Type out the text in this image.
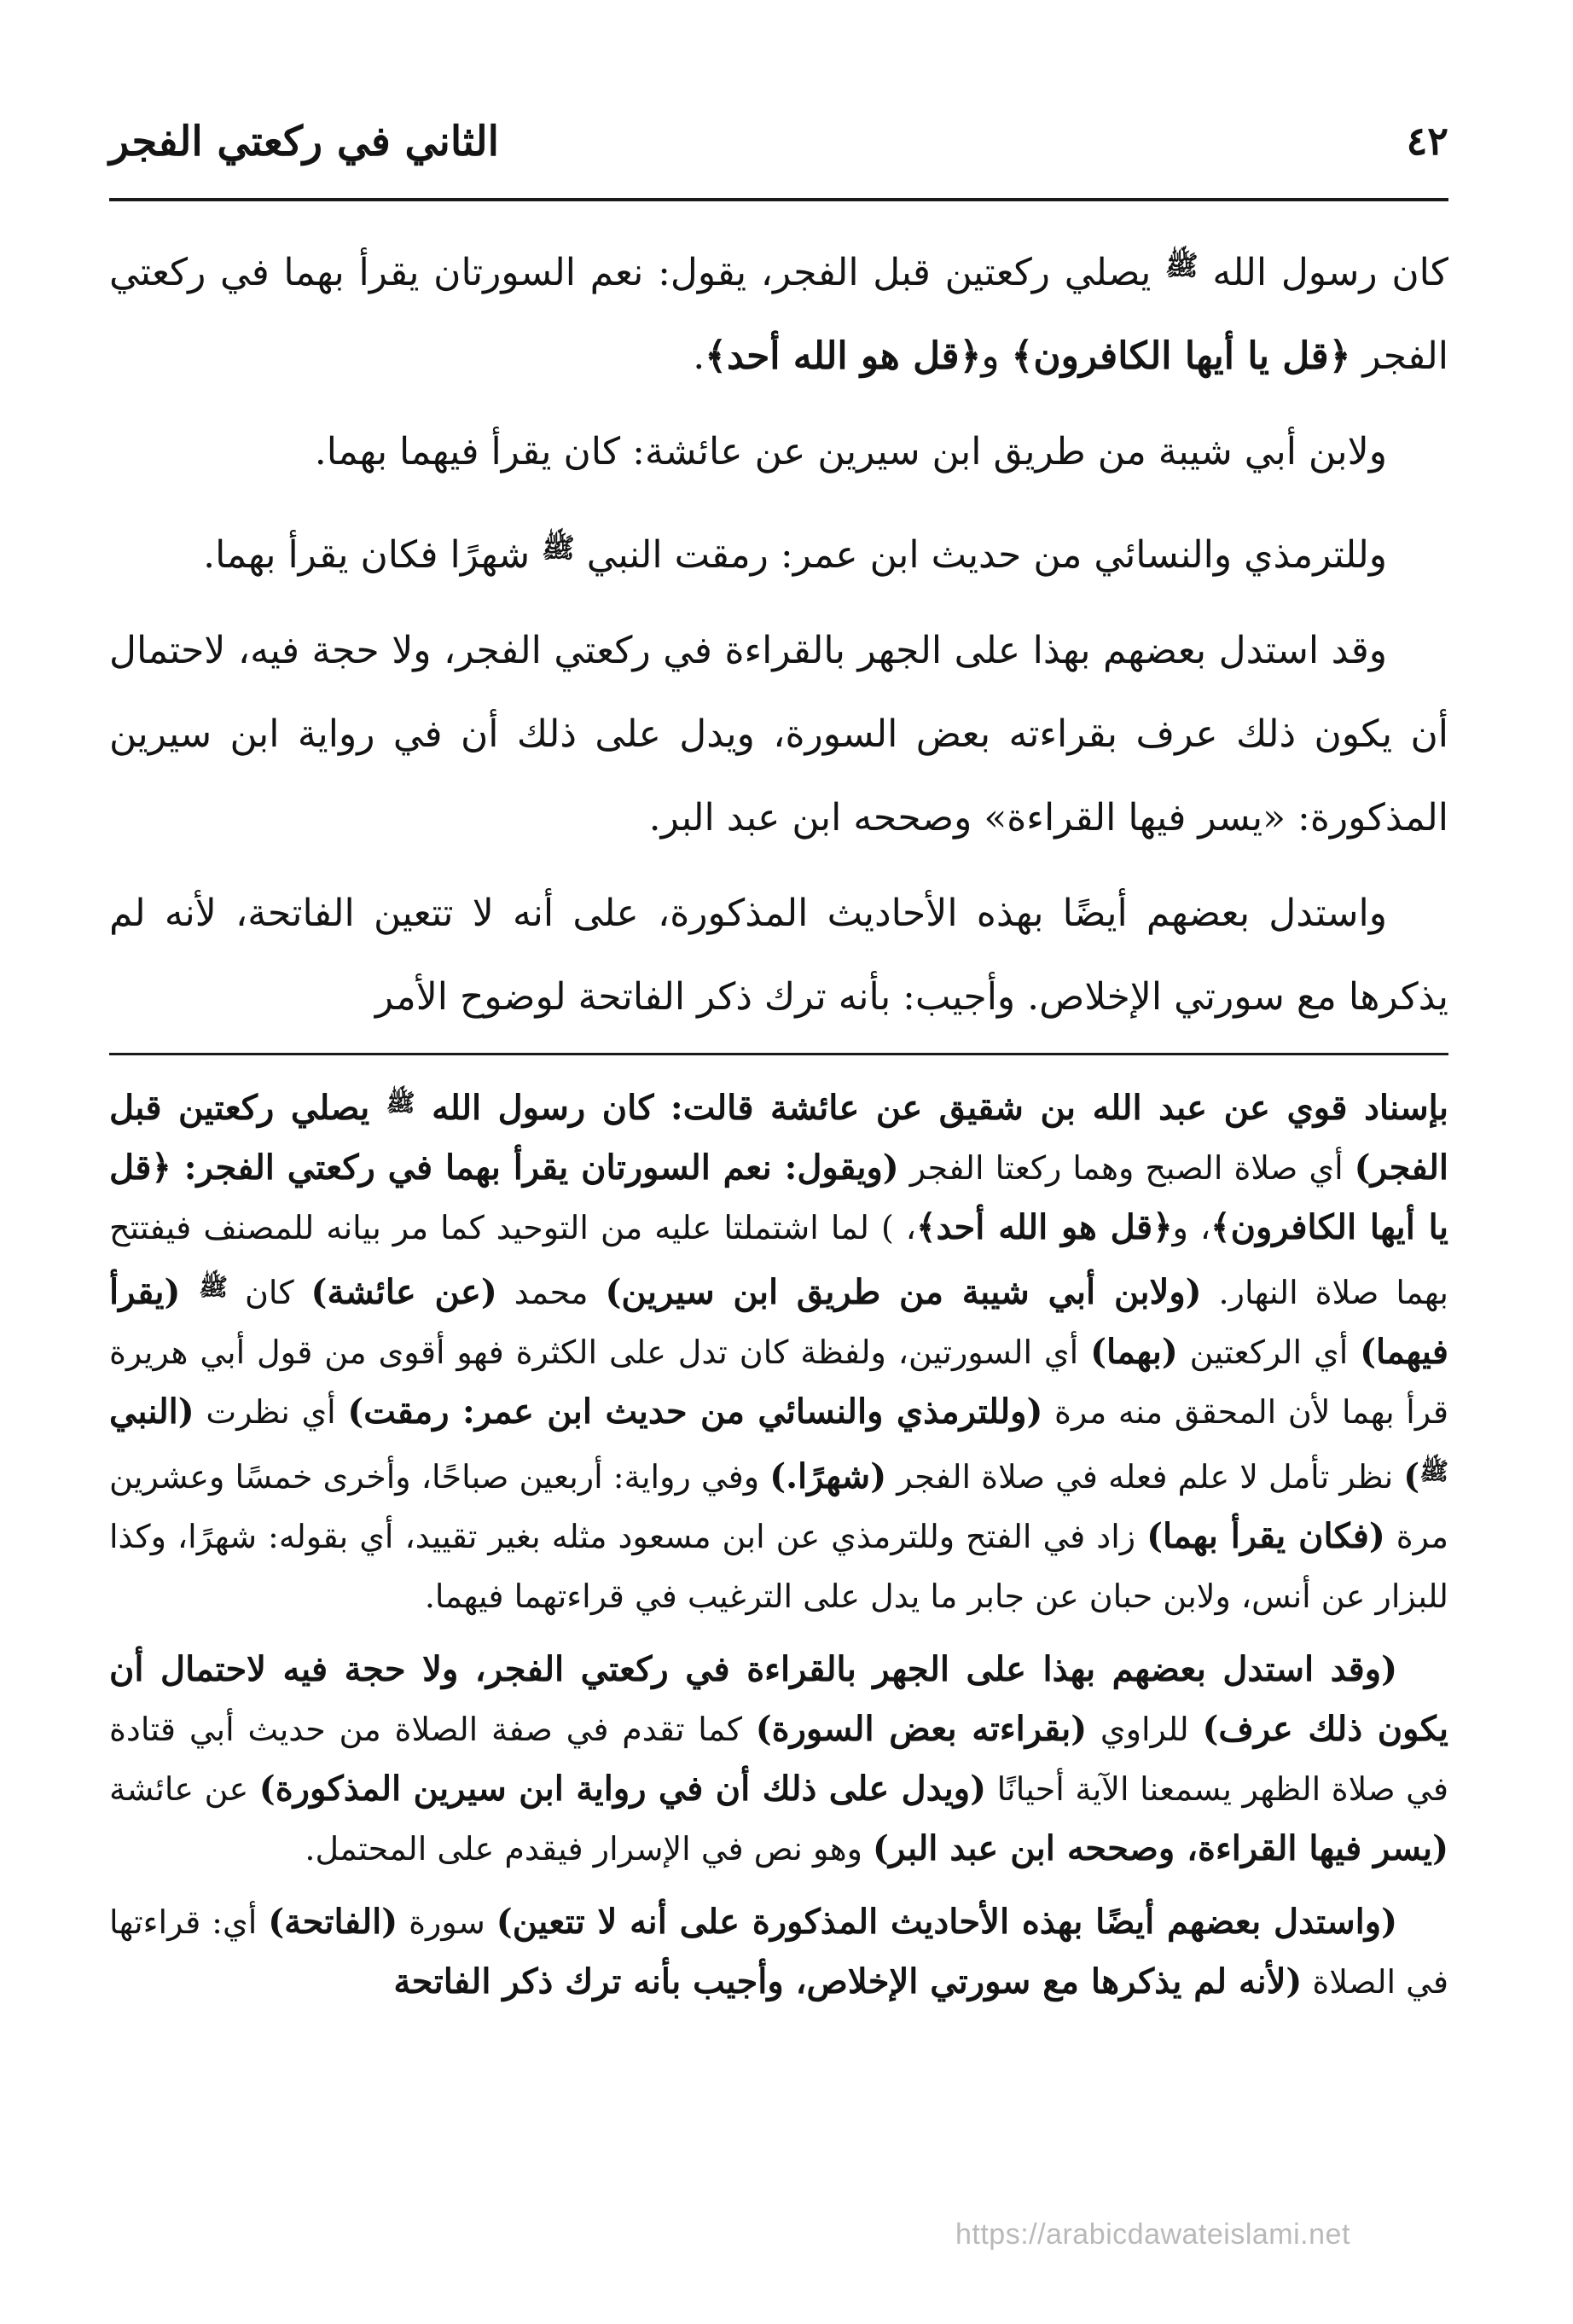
٤٢
الثاني في ركعتي الفجر

كان رسول الله $^ﷺ$ يصلي ركعتين قبل الفجر، يقول: نعم السورتان يقرأ بهما في ركعتي الفجر ﴿قل يا أيها الكافرون﴾ و﴿قل هو الله أحد﴾.

ولابن أبي شيبة من طريق ابن سيرين عن عائشة: كان يقرأ فيهما بهما.

وللترمذي والنسائي من حديث ابن عمر: رمقت النبي $^ﷺ$ شهرًا فكان يقرأ بهما.

وقد استدل بعضهم بهذا على الجهر بالقراءة في ركعتي الفجر، ولا حجة فيه، لاحتمال أن يكون ذلك عرف بقراءته بعض السورة، ويدل على ذلك أن في رواية ابن سيرين المذكورة: «يسر فيها القراءة» وصححه ابن عبد البر.

واستدل بعضهم أيضًا بهذه الأحاديث المذكورة، على أنه لا تتعين الفاتحة، لأنه لم يذكرها مع سورتي الإخلاص. وأجيب: بأنه ترك ذكر الفاتحة لوضوح الأمر

بإسناد قوي عن عبد الله بن شقيق عن عائشة قالت: كان رسول الله $^ﷺ$ يصلي ركعتين قبل الفجر) أي صلاة الصبح وهما ركعتا الفجر (ويقول: نعم السورتان يقرأ بهما في ركعتي الفجر: ﴿قل يا أيها الكافرون﴾، و﴿قل هو الله أحد﴾، ) لما اشتملتا عليه من التوحيد كما مر بيانه للمصنف فيفتتح بهما صلاة النهار. (ولابن أبي شيبة من طريق ابن سيرين) محمد (عن عائشة) كان $^ﷺ$ (يقرأ فيهما) أي الركعتين (بهما) أي السورتين، ولفظة كان تدل على الكثرة فهو أقوى من قول أبي هريرة قرأ بهما لأن المحقق منه مرة (وللترمذي والنسائي من حديث ابن عمر: رمقت) أي نظرت (النبي $^ﷺ$) نظر تأمل لا علم فعله في صلاة الفجر (شهرًا.) وفي رواية: أربعين صباحًا، وأخرى خمسًا وعشرين مرة (فكان يقرأ بهما) زاد في الفتح وللترمذي عن ابن مسعود مثله بغير تقييد، أي بقوله: شهرًا، وكذا للبزار عن أنس، ولابن حبان عن جابر ما يدل على الترغيب في قراءتهما فيهما.

(وقد استدل بعضهم بهذا على الجهر بالقراءة في ركعتي الفجر، ولا حجة فيه لاحتمال أن يكون ذلك عرف) للراوي (بقراءته بعض السورة) كما تقدم في صفة الصلاة من حديث أبي قتادة في صلاة الظهر يسمعنا الآية أحيانًا (ويدل على ذلك أن في رواية ابن سيرين المذكورة) عن عائشة (يسر فيها القراءة، وصححه ابن عبد البر) وهو نص في الإسرار فيقدم على المحتمل.

(واستدل بعضهم أيضًا بهذه الأحاديث المذكورة على أنه لا تتعين) سورة (الفاتحة) أي: قراءتها في الصلاة (لأنه لم يذكرها مع سورتي الإخلاص، وأجيب بأنه ترك ذكر الفاتحة

https://arabicdawateislami.net
